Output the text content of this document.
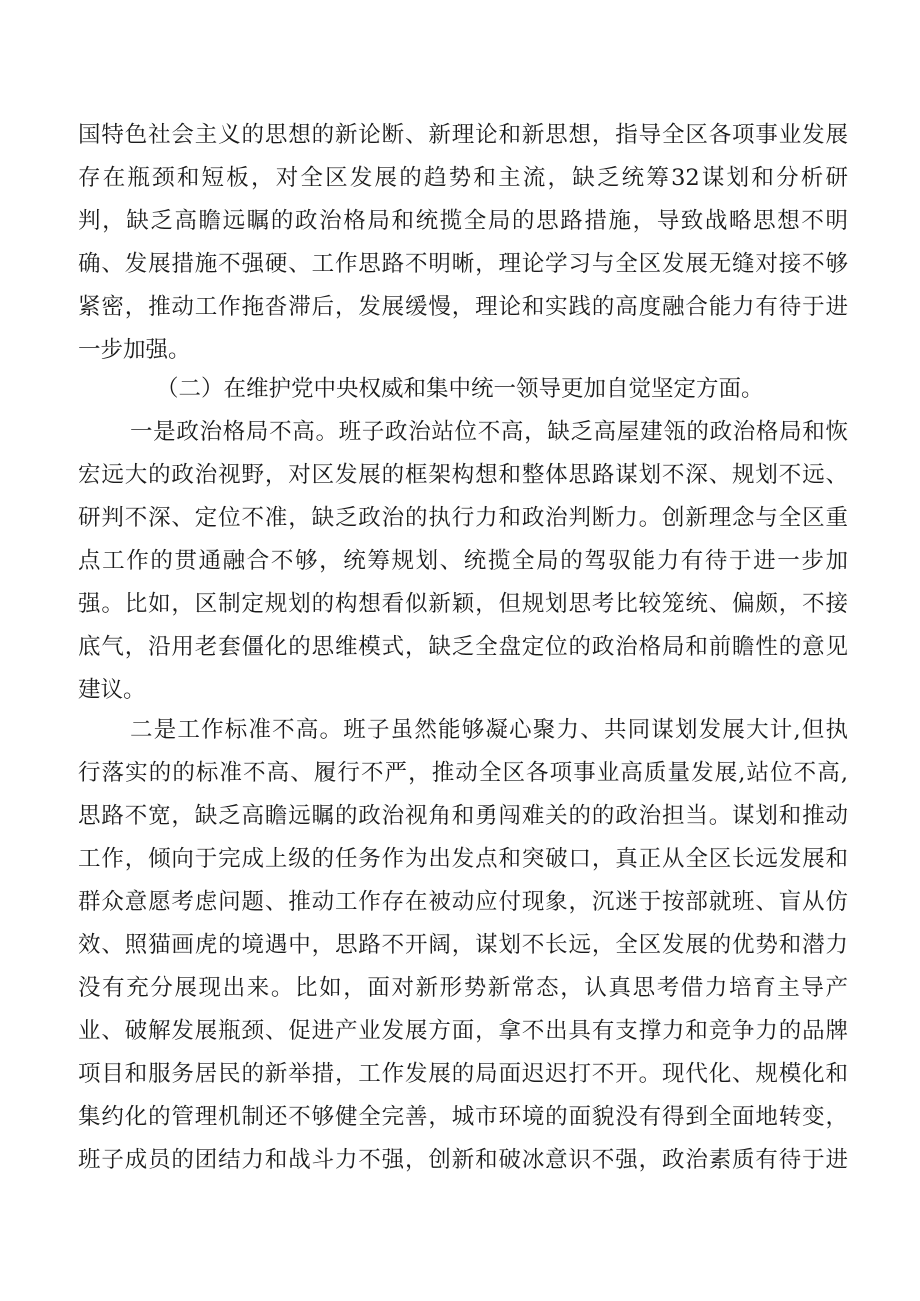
国特色社会主义的思想的新论断、新理论和新思想，指导全区各项事业发展
存在瓶颈和短板，对全区发展的趋势和主流，缺乏统筹32谋划和分析研
判，缺乏高瞻远瞩的政治格局和统揽全局的思路措施，导致战略思想不明
确、发展措施不强硬、工作思路不明晰，理论学习与全区发展无缝对接不够
紧密，推动工作拖沓滞后，发展缓慢，理论和实践的高度融合能力有待于进
一步加强。
（二）在维护党中央权威和集中统一领导更加自觉坚定方面。
一是政治格局不高。班子政治站位不高，缺乏高屋建瓴的政治格局和恢
宏远大的政治视野，对区发展的框架构想和整体思路谋划不深、规划不远、
研判不深、定位不准，缺乏政治的执行力和政治判断力。创新理念与全区重
点工作的贯通融合不够，统筹规划、统揽全局的驾驭能力有待于进一步加
强。比如，区制定规划的构想看似新颖，但规划思考比较笼统、偏颇，不接
底气，沿用老套僵化的思维模式，缺乏全盘定位的政治格局和前瞻性的意见
建议。
二是工作标准不高。班子虽然能够凝心聚力、共同谋划发展大计,但执
行落实的的标准不高、履行不严，推动全区各项事业高质量发展,站位不高,
思路不宽，缺乏高瞻远瞩的政治视角和勇闯难关的的政治担当。谋划和推动
工作，倾向于完成上级的任务作为出发点和突破口，真正从全区长远发展和
群众意愿考虑问题、推动工作存在被动应付现象，沉迷于按部就班、盲从仿
效、照猫画虎的境遇中，思路不开阔，谋划不长远，全区发展的优势和潜力
没有充分展现出来。比如，面对新形势新常态，认真思考借力培育主导产
业、破解发展瓶颈、促进产业发展方面，拿不出具有支撑力和竞争力的品牌
项目和服务居民的新举措，工作发展的局面迟迟打不开。现代化、规模化和
集约化的管理机制还不够健全完善，城市环境的面貌没有得到全面地转变，
班子成员的团结力和战斗力不强，创新和破冰意识不强，政治素质有待于进
